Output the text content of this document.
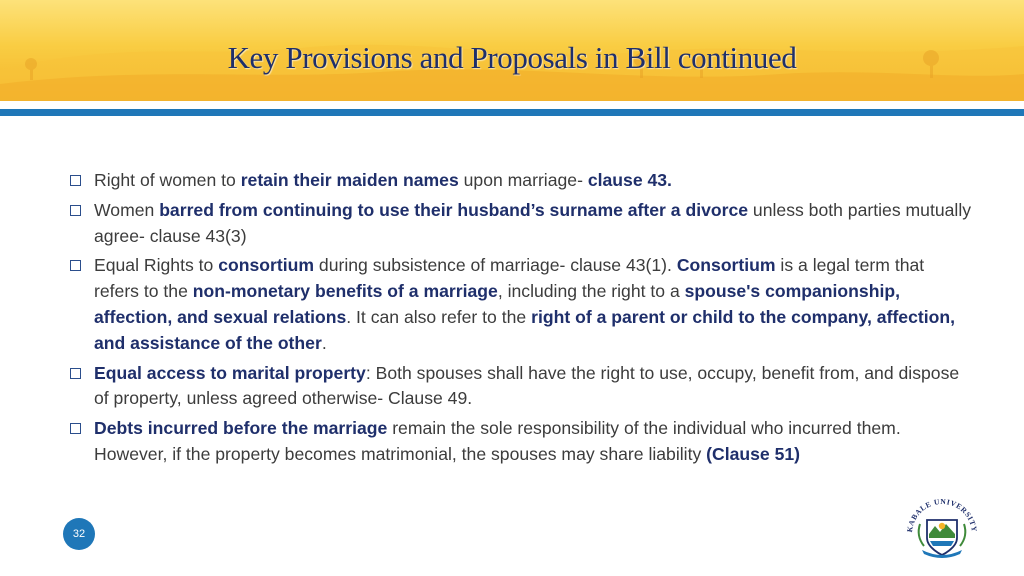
Key Provisions and Proposals in Bill continued
Right of women to retain their maiden names upon marriage- clause 43.
Women barred from continuing to use their husband’s surname after a divorce unless both parties mutually agree- clause 43(3)
Equal Rights to consortium during subsistence of marriage- clause 43(1). Consortium is a legal term that refers to the non-monetary benefits of a marriage, including the right to a spouse's companionship, affection, and sexual relations. It can also refer to the right of a parent or child to the company, affection, and assistance of the other.
Equal access to marital property: Both spouses shall have the right to use, occupy, benefit from, and dispose of property, unless agreed otherwise- Clause 49.
Debts incurred before the marriage remain the sole responsibility of the individual who incurred them. However, if the property becomes matrimonial, the spouses may share liability (Clause 51)
32	KABALE UNIVERSITY
